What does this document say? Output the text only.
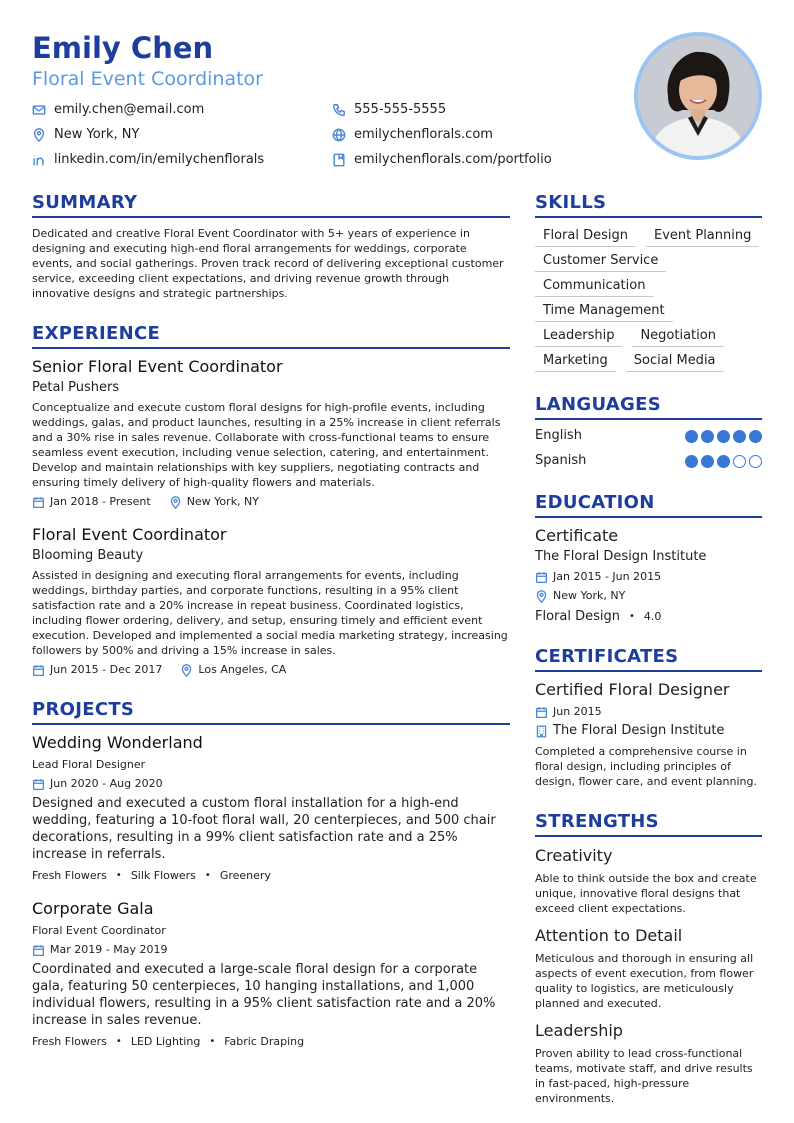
Emily Chen
Floral Event Coordinator
emily.chen@email.com	555-555-5555
New York, NY	emilychenflorals.com
linkedin.com/in/emilychenflorals	emilychenflorals.com/portfolio
SUMMARY
Dedicated and creative Floral Event Coordinator with 5+ years of experience in designing and executing high-end floral arrangements for weddings, corporate events, and social gatherings. Proven track record of delivering exceptional customer service, exceeding client expectations, and driving revenue growth through innovative designs and strategic partnerships.
EXPERIENCE
Senior Floral Event Coordinator
Petal Pushers
Conceptualize and execute custom floral designs for high-profile events, including weddings, galas, and product launches, resulting in a 25% increase in client referrals and a 30% rise in sales revenue. Collaborate with cross-functional teams to ensure seamless event execution, including venue selection, catering, and entertainment. Develop and maintain relationships with key suppliers, negotiating contracts and ensuring timely delivery of high-quality flowers and materials.
Jan 2018 - Present	New York, NY
Floral Event Coordinator
Blooming Beauty
Assisted in designing and executing floral arrangements for events, including weddings, birthday parties, and corporate functions, resulting in a 95% client satisfaction rate and a 20% increase in repeat business. Coordinated logistics, including flower ordering, delivery, and setup, ensuring timely and efficient event execution. Developed and implemented a social media marketing strategy, increasing followers by 500% and driving a 15% increase in sales.
Jun 2015 - Dec 2017	Los Angeles, CA
PROJECTS
Wedding Wonderland
Lead Floral Designer
Jun 2020 - Aug 2020
Designed and executed a custom floral installation for a high-end wedding, featuring a 10-foot floral wall, 20 centerpieces, and 500 chair decorations, resulting in a 99% client satisfaction rate and a 25% increase in referrals.
Fresh Flowers • Silk Flowers • Greenery
Corporate Gala
Floral Event Coordinator
Mar 2019 - May 2019
Coordinated and executed a large-scale floral design for a corporate gala, featuring 50 centerpieces, 10 hanging installations, and 1,000 individual flowers, resulting in a 95% client satisfaction rate and a 20% increase in sales revenue.
Fresh Flowers • LED Lighting • Fabric Draping
SKILLS
Floral Design	Event Planning
Customer Service
Communication
Time Management
Leadership	Negotiation
Marketing	Social Media
LANGUAGES
English
Spanish
EDUCATION
Certificate
The Floral Design Institute
Jan 2015 - Jun 2015
New York, NY
Floral Design • 4.0
CERTIFICATES
Certified Floral Designer
Jun 2015
The Floral Design Institute
Completed a comprehensive course in floral design, including principles of design, flower care, and event planning.
STRENGTHS
Creativity
Able to think outside the box and create unique, innovative floral designs that exceed client expectations.
Attention to Detail
Meticulous and thorough in ensuring all aspects of event execution, from flower quality to logistics, are meticulously planned and executed.
Leadership
Proven ability to lead cross-functional teams, motivate staff, and drive results in fast-paced, high-pressure environments.
